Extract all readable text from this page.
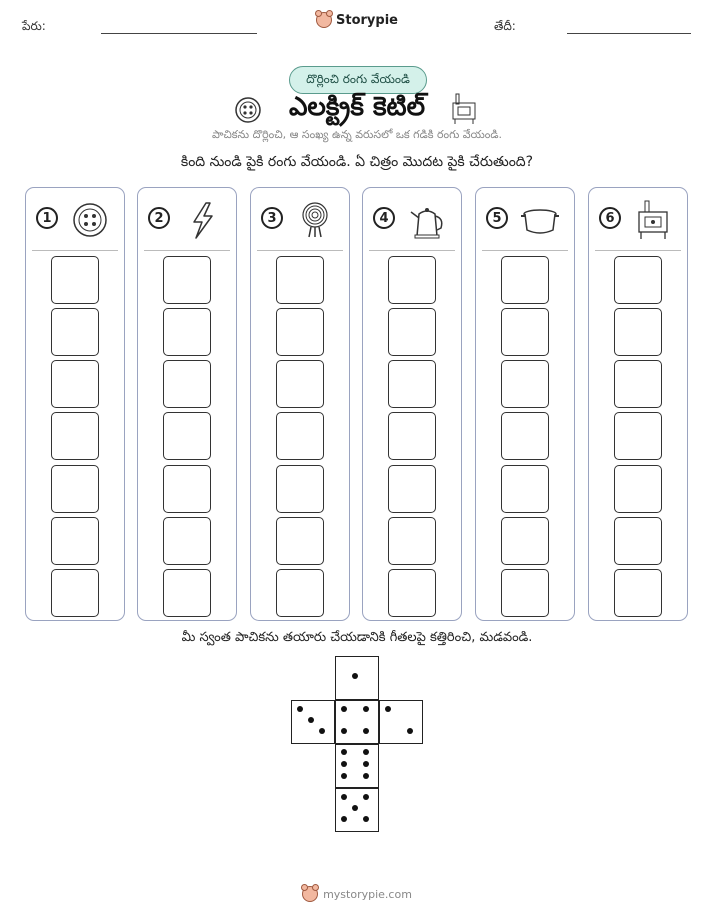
పేరు:	Storypie	తేదీ:
దొర్లించి రంగు వేయండి
ఎలక్ట్రిక్ కెటిల్
పాచికను దొర్లించి, ఆ సంఖ్య ఉన్న వరుసలో ఒక గడికి రంగు వేయండి.
కింది నుండి పైకి రంగు వేయండి. ఏ చిత్రం మొదట పైకి చేరుతుంది?
1	2	3	4	5	6
మీ స్వంత పాచికను తయారు చేయడానికి గీతలపై కత్తిరించి, మడవండి.
mystorypie.com
